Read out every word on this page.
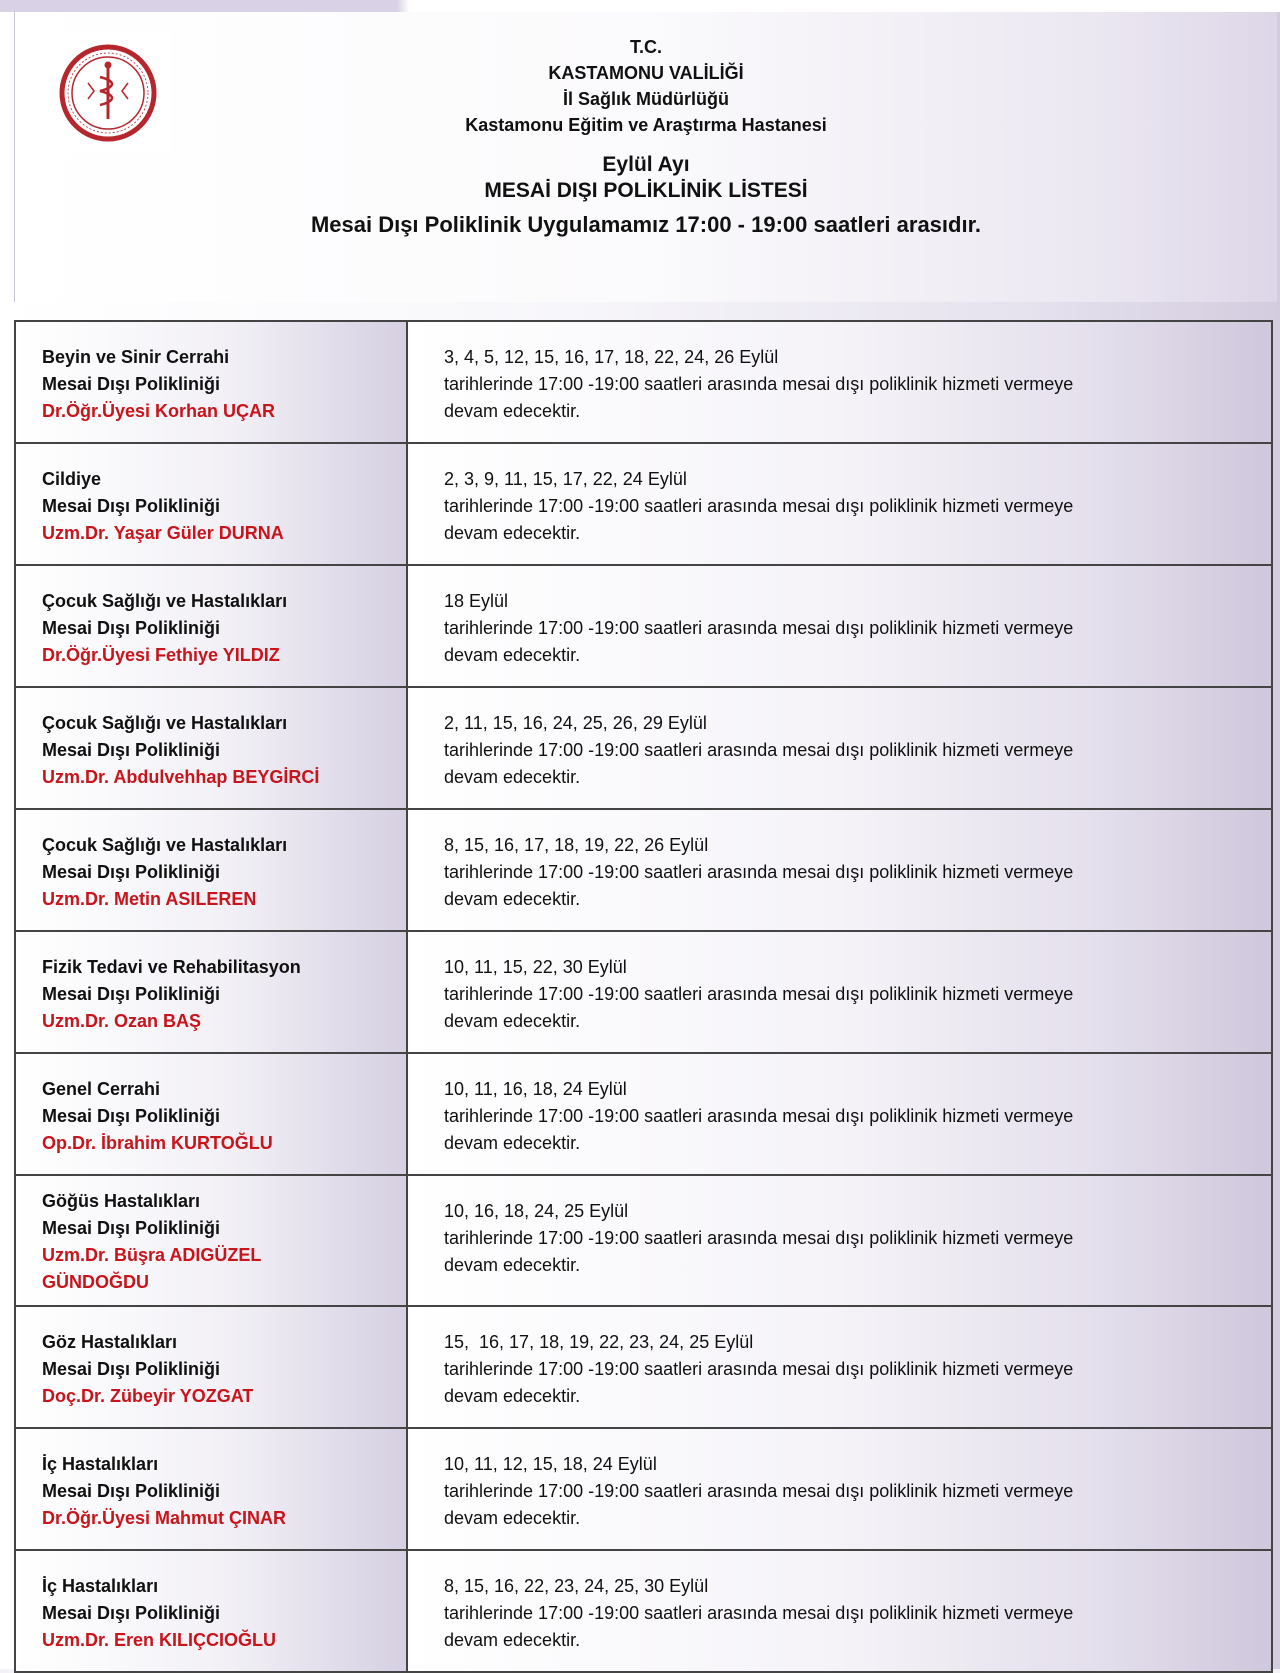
T.C.
KASTAMONU VALİLİĞİ
İl Sağlık Müdürlüğü
Kastamonu Eğitim ve Araştırma Hastanesi
Eylül Ayı
MESAİ DIŞI POLİKLİNİK LİSTESİ
Mesai Dışı Poliklinik Uygulamamız 17:00 - 19:00 saatleri arasıdır.
Beyin ve Sinir Cerrahi
Mesai Dışı Polikliniği
Dr.Öğr.Üyesi Korhan UÇAR
3, 4, 5, 12, 15, 16, 17, 18, 22, 24, 26 Eylül
tarihlerinde 17:00 -19:00 saatleri arasında mesai dışı poliklinik hizmeti vermeye
devam edecektir.
Cildiye
Mesai Dışı Polikliniği
Uzm.Dr. Yaşar Güler DURNA
2, 3, 9, 11, 15, 17, 22, 24 Eylül
tarihlerinde 17:00 -19:00 saatleri arasında mesai dışı poliklinik hizmeti vermeye
devam edecektir.
Çocuk Sağlığı ve Hastalıkları
Mesai Dışı Polikliniği
Dr.Öğr.Üyesi Fethiye YILDIZ
18 Eylül
tarihlerinde 17:00 -19:00 saatleri arasında mesai dışı poliklinik hizmeti vermeye
devam edecektir.
Çocuk Sağlığı ve Hastalıkları
Mesai Dışı Polikliniği
Uzm.Dr. Abdulvehhap BEYGİRCİ
2, 11, 15, 16, 24, 25, 26, 29 Eylül
tarihlerinde 17:00 -19:00 saatleri arasında mesai dışı poliklinik hizmeti vermeye
devam edecektir.
Çocuk Sağlığı ve Hastalıkları
Mesai Dışı Polikliniği
Uzm.Dr. Metin ASILEREN
8, 15, 16, 17, 18, 19, 22, 26 Eylül
tarihlerinde 17:00 -19:00 saatleri arasında mesai dışı poliklinik hizmeti vermeye
devam edecektir.
Fizik Tedavi ve Rehabilitasyon
Mesai Dışı Polikliniği
Uzm.Dr. Ozan BAŞ
10, 11, 15, 22, 30 Eylül
tarihlerinde 17:00 -19:00 saatleri arasında mesai dışı poliklinik hizmeti vermeye
devam edecektir.
Genel Cerrahi
Mesai Dışı Polikliniği
Op.Dr. İbrahim KURTOĞLU
10, 11, 16, 18, 24 Eylül
tarihlerinde 17:00 -19:00 saatleri arasında mesai dışı poliklinik hizmeti vermeye
devam edecektir.
Göğüs Hastalıkları
Mesai Dışı Polikliniği
Uzm.Dr. Büşra ADIGÜZEL GÜNDOĞDU
10, 16, 18, 24, 25 Eylül
tarihlerinde 17:00 -19:00 saatleri arasında mesai dışı poliklinik hizmeti vermeye
devam edecektir.
Göz Hastalıkları
Mesai Dışı Polikliniği
Doç.Dr. Zübeyir YOZGAT
15,  16, 17, 18, 19, 22, 23, 24, 25 Eylül
tarihlerinde 17:00 -19:00 saatleri arasında mesai dışı poliklinik hizmeti vermeye
devam edecektir.
İç Hastalıkları
Mesai Dışı Polikliniği
Dr.Öğr.Üyesi Mahmut ÇINAR
10, 11, 12, 15, 18, 24 Eylül
tarihlerinde 17:00 -19:00 saatleri arasında mesai dışı poliklinik hizmeti vermeye
devam edecektir.
İç Hastalıkları
Mesai Dışı Polikliniği
Uzm.Dr. Eren KILIÇCIOĞLU
8, 15, 16, 22, 23, 24, 25, 30 Eylül
tarihlerinde 17:00 -19:00 saatleri arasında mesai dışı poliklinik hizmeti vermeye
devam edecektir.
